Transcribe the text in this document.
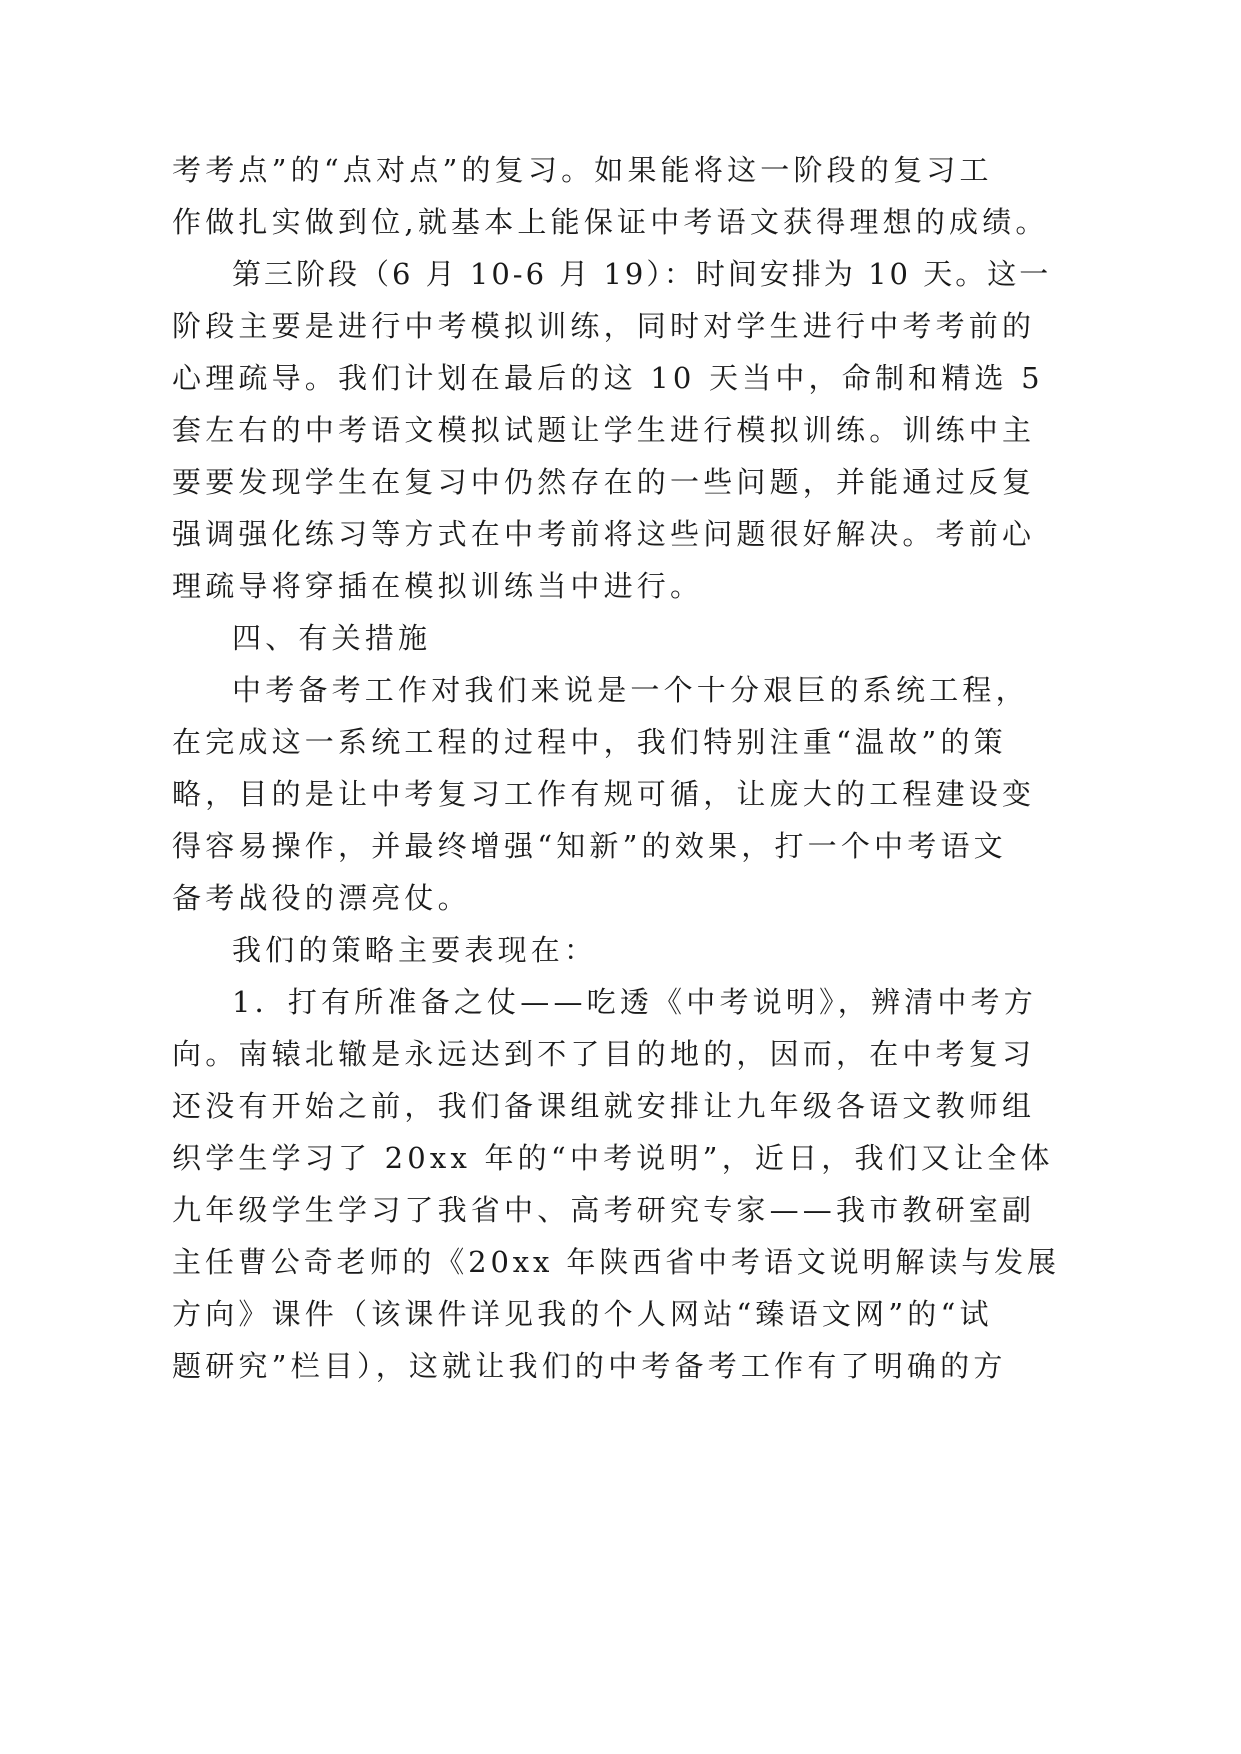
考考点”的“点对点”的复习。如果能将这一阶段的复习工
作做扎实做到位,就基本上能保证中考语文获得理想的成绩。
第三阶段（6 月 10-6 月 19）：时间安排为 10 天。这一
阶段主要是进行中考模拟训练，同时对学生进行中考考前的
心理疏导。我们计划在最后的这 10 天当中，命制和精选 5
套左右的中考语文模拟试题让学生进行模拟训练。训练中主
要要发现学生在复习中仍然存在的一些问题，并能通过反复
强调强化练习等方式在中考前将这些问题很好解决。考前心
理疏导将穿插在模拟训练当中进行。
四、有关措施
中考备考工作对我们来说是一个十分艰巨的系统工程，
在完成这一系统工程的过程中，我们特别注重“温故”的策
略，目的是让中考复习工作有规可循，让庞大的工程建设变
得容易操作，并最终增强“知新”的效果，打一个中考语文
备考战役的漂亮仗。
我们的策略主要表现在：
1．打有所准备之仗——吃透《中考说明》，辨清中考方
向。南辕北辙是永远达到不了目的地的，因而，在中考复习
还没有开始之前，我们备课组就安排让九年级各语文教师组
织学生学习了 20xx 年的“中考说明”，近日，我们又让全体
九年级学生学习了我省中、高考研究专家——我市教研室副
主任曹公奇老师的《20xx 年陕西省中考语文说明解读与发展
方向》课件（该课件详见我的个人网站“臻语文网”的“试
题研究”栏目），这就让我们的中考备考工作有了明确的方
